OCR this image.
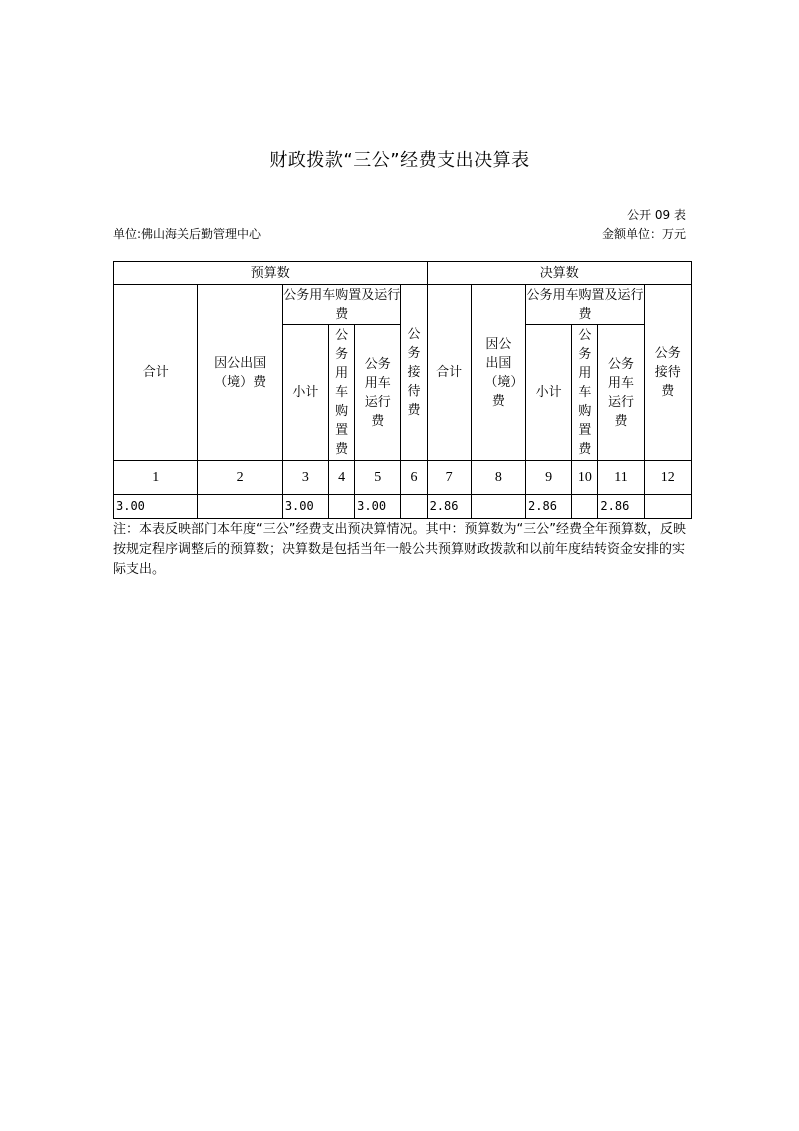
财政拨款“三公”经费支出决算表
公开 09 表
单位:佛山海关后勤管理中心	金额单位：万元
预算数						决算数					
合计	因公出国（境）费	公务用车购置及运行费			公务接待费	合计	因公出国（境）费	公务用车购置及运行费			公务接待费

		小计	公务用车购置费	公务用车运行费				小计	公务用车购置费	公务用车运行费	

1	2	3	4	5	6	7	8	9	10	11	12
3.00		3.00		3.00		2.86		2.86		2.86	
注：本表反映部门本年度“三公”经费支出预决算情况。其中：预算数为“三公”经费全年预算数，反映按规定程序调整后的预算数；决算数是包括当年一般公共预算财政拨款和以前年度结转资金安排的实际支出。
